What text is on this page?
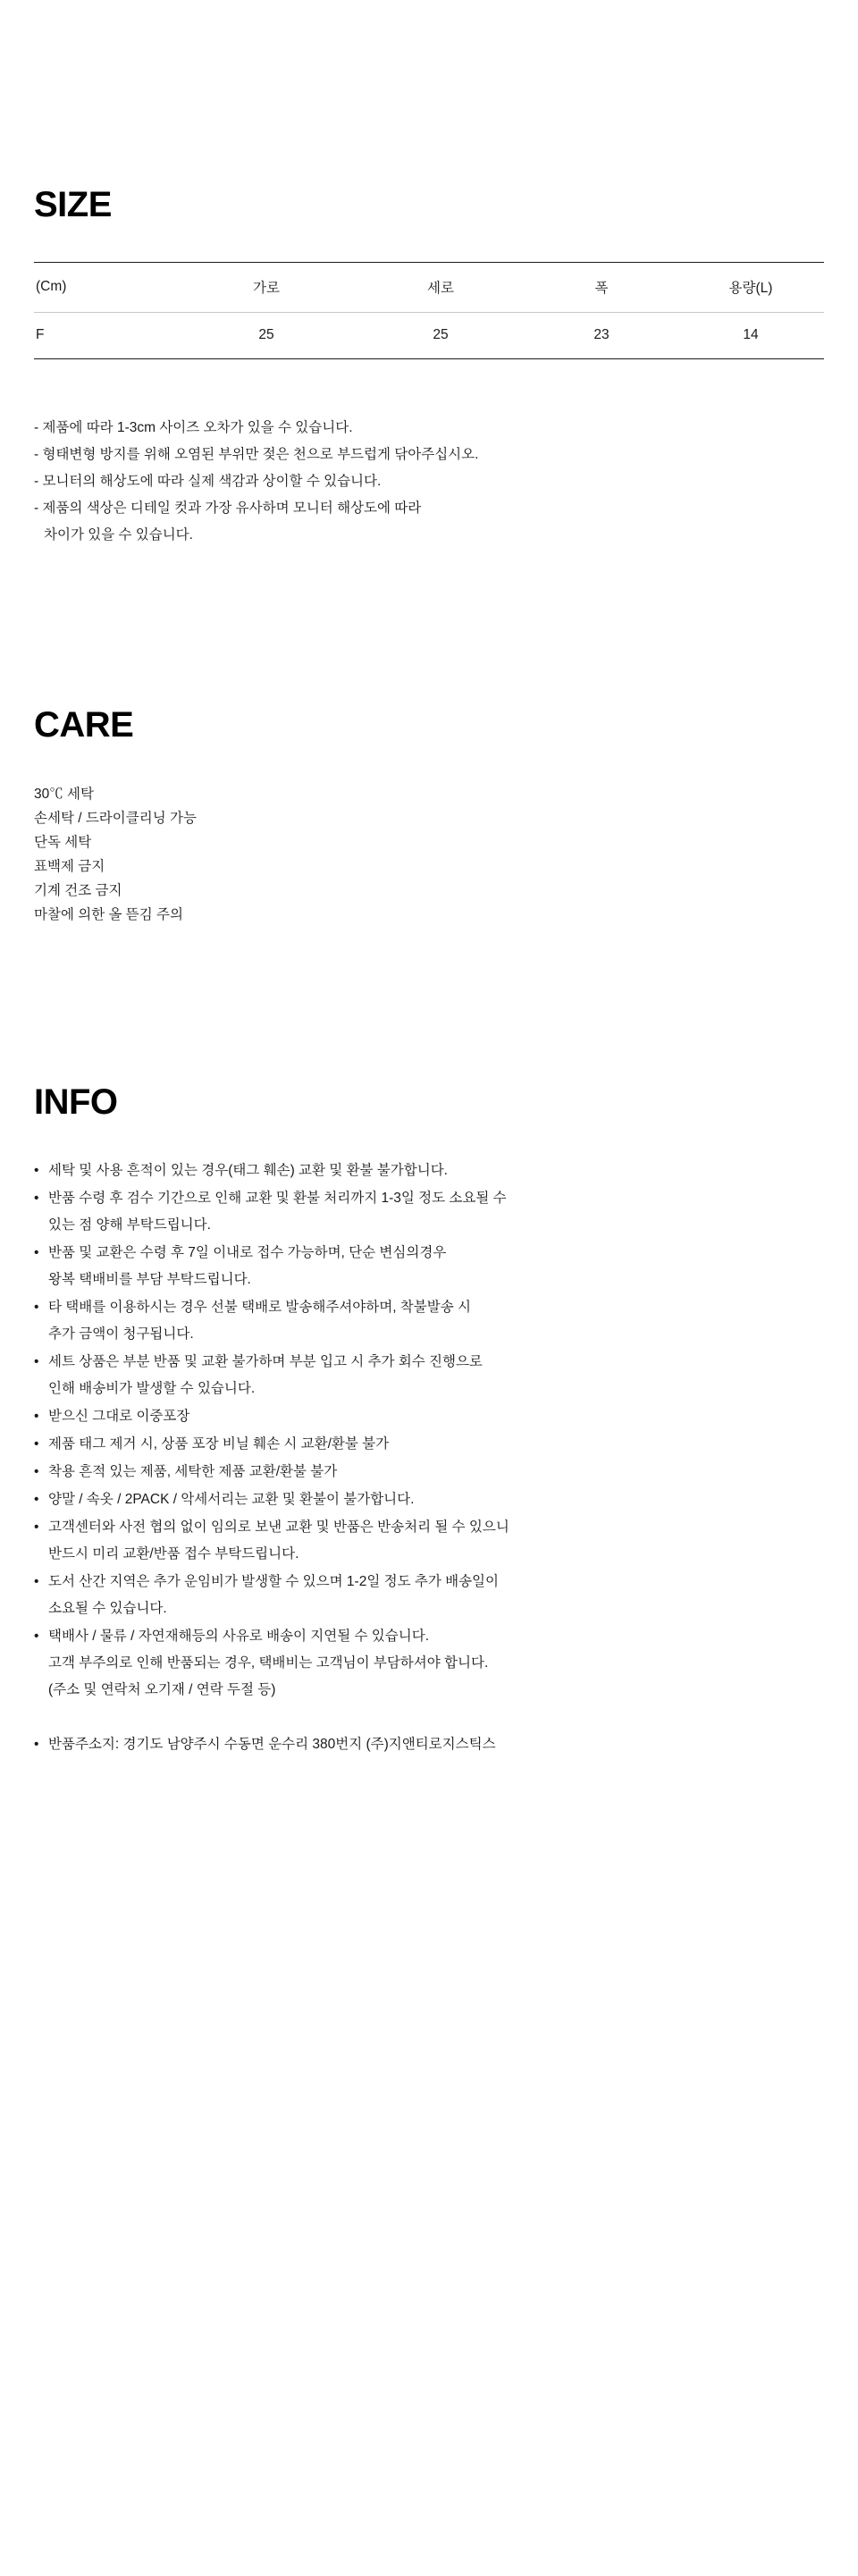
SIZE
(Cm)	가로	세로	폭	용량(L)
F	25	25	23	14
- 제품에 따라 1-3cm 사이즈 오차가 있을 수 있습니다.
- 형태변형 방지를 위해 오염된 부위만 젖은 천으로 부드럽게 닦아주십시오.
- 모니터의 해상도에 따라 실제 색감과 상이할 수 있습니다.
- 제품의 색상은 디테일 컷과 가장 유사하며 모니터 해상도에 따라
차이가 있을 수 있습니다.
CARE
30℃ 세탁
손세탁 / 드라이클리닝 가능
단독 세탁
표백제 금지
기계 건조 금지
마찰에 의한 올 뜯김 주의
INFO
• 세탁 및 사용 흔적이 있는 경우(태그 훼손) 교환 및 환불 불가합니다.
• 반품 수령 후 검수 기간으로 인해 교환 및 환불 처리까지 1-3일 정도 소요될 수
있는 점 양해 부탁드립니다.
• 반품 및 교환은 수령 후 7일 이내로 접수 가능하며, 단순 변심의경우
왕복 택배비를 부담 부탁드립니다.
• 타 택배를 이용하시는 경우 선불 택배로 발송해주셔야하며, 착불발송 시
추가 금액이 청구됩니다.
• 세트 상품은 부분 반품 및 교환 불가하며 부분 입고 시 추가 회수 진행으로
인해 배송비가 발생할 수 있습니다.
• 받으신 그대로 이중포장
• 제품 태그 제거 시, 상품 포장 비닐 훼손 시 교환/환불 불가
• 착용 흔적 있는 제품, 세탁한 제품 교환/환불 불가
• 양말 / 속옷 / 2PACK / 악세서리는 교환 및 환불이 불가합니다.
• 고객센터와 사전 협의 없이 임의로 보낸 교환 및 반품은 반송처리 될 수 있으니
반드시 미리 교환/반품 접수 부탁드립니다.
• 도서 산간 지역은 추가 운임비가 발생할 수 있으며 1-2일 정도 추가 배송일이
소요될 수 있습니다.
• 택배사 / 물류 / 자연재해등의 사유로 배송이 지연될 수 있습니다.
고객 부주의로 인해 반품되는 경우, 택배비는 고객님이 부담하셔야 합니다.
(주소 및 연락처 오기재 / 연락 두절 등)
• 반품주소지: 경기도 남양주시 수동면 운수리 380번지 (주)지앤티로지스틱스
